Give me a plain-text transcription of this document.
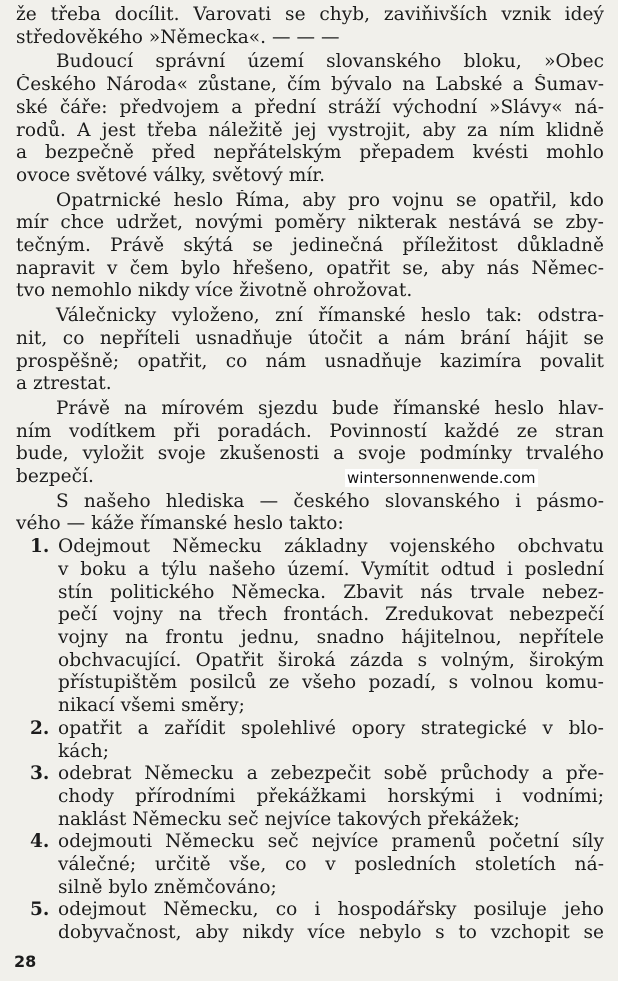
že třeba docílit. Varovati se chyb, zaviňivších vznik ideý
středověkého »Německa«. — — —
Budoucí správní území slovanského bloku, »Obec
Českého Národa« zůstane, čím bývalo na Labské a Šumav-
ské čáře: předvojem a přední stráží východní »Slávy« ná-
rodů. A jest třeba náležitě jej vystrojit, aby za ním klidně
a bezpečně před nepřátelským přepadem kvésti mohlo
ovoce světové války, světový mír.
Opatrnické heslo Říma, aby pro vojnu se opatřil, kdo
mír chce udržet, novými poměry nikterak nestává se zby-
tečným. Právě skýtá se jedinečná příležitost důkladně
napravit v čem bylo hřešeno, opatřit se, aby nás Němec-
tvo nemohlo nikdy více životně ohrožovat.
Válečnicky vyloženo, zní římanské heslo tak: odstra-
nit, co nepříteli usnadňuje útočit a nám brání hájit se
prospěšně; opatřit, co nám usnadňuje kazimíra povalit
a ztrestat.
Právě na mírovém sjezdu bude římanské heslo hlav-
ním vodítkem při poradách. Povinností každé ze stran
bude, vyložit svoje zkušenosti a svoje podmínky trvalého
bezpečí.
S našeho hlediska — českého slovanského i pásmo-
vého — káže římanské heslo takto:
1. Odejmout Německu základny vojenského obchvatu
v boku a týlu našeho území. Vymítit odtud i poslední
stín politického Německa. Zbavit nás trvale nebez-
pečí vojny na třech frontách. Zredukovat nebezpečí
vojny na frontu jednu, snadno hájitelnou, nepřítele
obchvacující. Opatřit široká zázda s volným, širokým
přístupištěm posilců ze všeho pozadí, s volnou komu-
nikací všemi směry;
2. opatřit a zařídit spolehlivé opory strategické v blo-
kách;
3. odebrat Německu a zebezpečit sobě průchody a pře-
chody přírodními překážkami horskými i vodními;
naklást Německu seč nejvíce takových překážek;
4. odejmouti Německu seč nejvíce pramenů početní síly
válečné; určitě vše, co v posledních stoletích ná-
silně bylo zněmčováno;
5. odejmout Německu, co i hospodářsky posiluje jeho
dobyvačnost, aby nikdy více nebylo s to vzchopit se
wintersonnenwende.com
28
